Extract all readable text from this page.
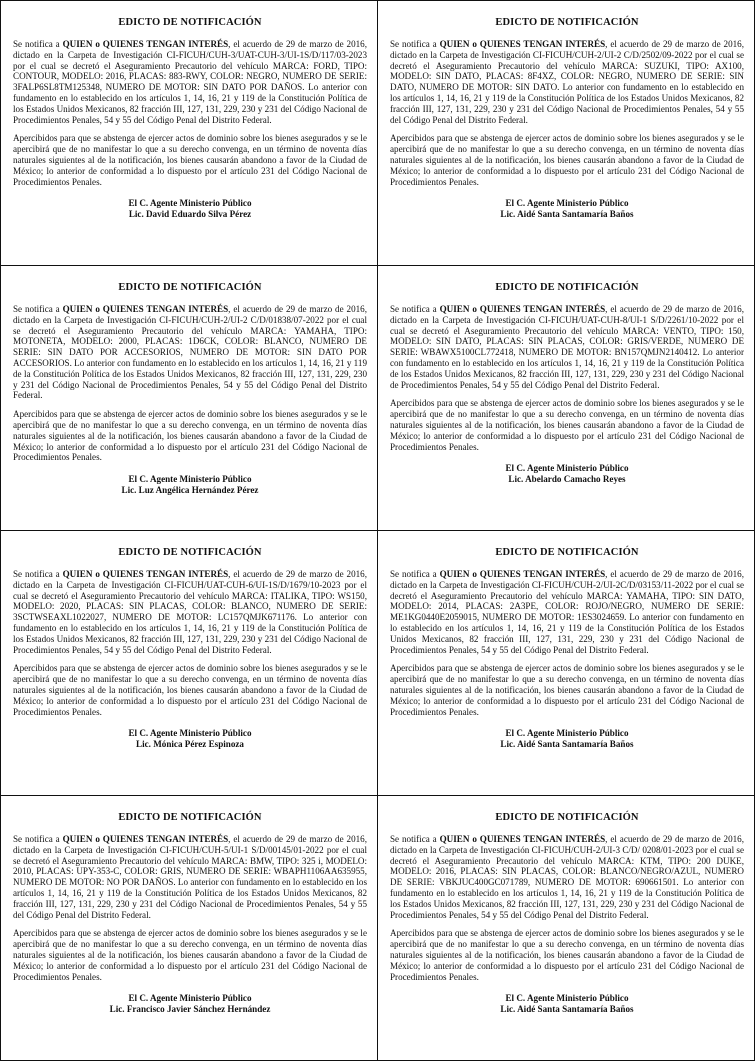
EDICTO DE NOTIFICACIÓN

Se notifica a QUIEN o QUIENES TENGAN INTERÉS, el acuerdo de 29 de marzo de 2016, dictado en la Carpeta de Investigación CI-FICUH/CUH-3/UAT-CUH-3/UI-1S/D/117/03-2023 por el cual se decretó el Aseguramiento Precautorio del vehículo MARCA: FORD, TIPO: CONTOUR, MODELO: 2016, PLACAS: 883-RWY, COLOR: NEGRO, NUMERO DE SERIE: 3FALP6SL8TM125348, NUMERO DE MOTOR: SIN DATO POR DAÑOS. Lo anterior con fundamento en lo establecido en los artículos 1, 14, 16, 21 y 119 de la Constitución Política de los Estados Unidos Mexicanos, 82 fracción III, 127, 131, 229, 230 y 231 del Código Nacional de Procedimientos Penales, 54 y 55 del Código Penal del Distrito Federal.

Apercibidos para que se abstenga de ejercer actos de dominio sobre los bienes asegurados y se le apercibirá que de no manifestar lo que a su derecho convenga, en un término de noventa días naturales siguientes al de la notificación, los bienes causarán abandono a favor de la Ciudad de México; lo anterior de conformidad a lo dispuesto por el artículo 231 del Código Nacional de Procedimientos Penales.

El C. Agente Ministerio Público
Lic. David Eduardo Silva Pérez
EDICTO DE NOTIFICACIÓN

Se notifica a QUIEN o QUIENES TENGAN INTERÉS, el acuerdo de 29 de marzo de 2016, dictado en la Carpeta de Investigación CI-FICUH/CUH-2/UI-2 C/D/2502/09-2022 por el cual se decretó el Aseguramiento Precautorio del vehículo MARCA: SUZUKI, TIPO: AX100, MODELO: SIN DATO, PLACAS: 8F4XZ, COLOR: NEGRO, NUMERO DE SERIE: SIN DATO, NUMERO DE MOTOR: SIN DATO. Lo anterior con fundamento en lo establecido en los artículos 1, 14, 16, 21 y 119 de la Constitución Política de los Estados Unidos Mexicanos, 82 fracción III, 127, 131, 229, 230 y 231 del Código Nacional de Procedimientos Penales, 54 y 55 del Código Penal del Distrito Federal.

Apercibidos para que se abstenga de ejercer actos de dominio sobre los bienes asegurados y se le apercibirá que de no manifestar lo que a su derecho convenga, en un término de noventa días naturales siguientes al de la notificación, los bienes causarán abandono a favor de la Ciudad de México; lo anterior de conformidad a lo dispuesto por el artículo 231 del Código Nacional de Procedimientos Penales.

El C. Agente Ministerio Público
Lic. Aidé Santa Santamaría Baños
EDICTO DE NOTIFICACIÓN

Se notifica a QUIEN o QUIENES TENGAN INTERÉS, el acuerdo de 29 de marzo de 2016, dictado en la Carpeta de Investigación CI-FICUH/CUH-2/UI-2 C/D/01838/07-2022 por el cual se decretó el Aseguramiento Precautorio del vehículo MARCA: YAMAHA, TIPO: MOTONETA, MODELO: 2000, PLACAS: 1D6CK, COLOR: BLANCO, NUMERO DE SERIE: SIN DATO POR ACCESORIOS, NUMERO DE MOTOR: SIN DATO POR ACCESORIOS. Lo anterior con fundamento en lo establecido en los artículos 1, 14, 16, 21 y 119 de la Constitución Política de los Estados Unidos Mexicanos, 82 fracción III, 127, 131, 229, 230 y 231 del Código Nacional de Procedimientos Penales, 54 y 55 del Código Penal del Distrito Federal.

Apercibidos para que se abstenga de ejercer actos de dominio sobre los bienes asegurados y se le apercibirá que de no manifestar lo que a su derecho convenga, en un término de noventa días naturales siguientes al de la notificación, los bienes causarán abandono a favor de la Ciudad de México; lo anterior de conformidad a lo dispuesto por el artículo 231 del Código Nacional de Procedimientos Penales.

El C. Agente Ministerio Público
Lic. Luz Angélica Hernández Pérez
EDICTO DE NOTIFICACIÓN

Se notifica a QUIEN o QUIENES TENGAN INTERÉS, el acuerdo de 29 de marzo de 2016, dictado en la Carpeta de Investigación CI-FICUH/UAT-CUH-8/UI-1 S/D/2261/10-2022 por el cual se decretó el Aseguramiento Precautorio del vehículo MARCA: VENTO, TIPO: 150, MODELO: SIN DATO, PLACAS: SIN PLACAS, COLOR: GRIS/VERDE, NUMERO DE SERIE: WBAWX5100CL772418, NUMERO DE MOTOR: BN157QMJN2140412. Lo anterior con fundamento en lo establecido en los artículos 1, 14, 16, 21 y 119 de la Constitución Política de los Estados Unidos Mexicanos, 82 fracción III, 127, 131, 229, 230 y 231 del Código Nacional de Procedimientos Penales, 54 y 55 del Código Penal del Distrito Federal.

Apercibidos para que se abstenga de ejercer actos de dominio sobre los bienes asegurados y se le apercibirá que de no manifestar lo que a su derecho convenga, en un término de noventa días naturales siguientes al de la notificación, los bienes causarán abandono a favor de la Ciudad de México; lo anterior de conformidad a lo dispuesto por el artículo 231 del Código Nacional de Procedimientos Penales.

El C. Agente Ministerio Público
Lic. Abelardo Camacho Reyes
EDICTO DE NOTIFICACIÓN

Se notifica a QUIEN o QUIENES TENGAN INTERÉS, el acuerdo de 29 de marzo de 2016, dictado en la Carpeta de Investigación CI-FICUH/UAT-CUH-6/UI-1S/D/1679/10-2023 por el cual se decretó el Aseguramiento Precautorio del vehículo MARCA: ITALIKA, TIPO: WS150, MODELO: 2020, PLACAS: SIN PLACAS, COLOR: BLANCO, NUMERO DE SERIE: 3SCTWSEAXL1022027, NUMERO DE MOTOR: LC157QMJK671176. Lo anterior con fundamento en lo establecido en los artículos 1, 14, 16, 21 y 119 de la Constitución Política de los Estados Unidos Mexicanos, 82 fracción III, 127, 131, 229, 230 y 231 del Código Nacional de Procedimientos Penales, 54 y 55 del Código Penal del Distrito Federal.

Apercibidos para que se abstenga de ejercer actos de dominio sobre los bienes asegurados y se le apercibirá que de no manifestar lo que a su derecho convenga, en un término de noventa días naturales siguientes al de la notificación, los bienes causarán abandono a favor de la Ciudad de México; lo anterior de conformidad a lo dispuesto por el artículo 231 del Código Nacional de Procedimientos Penales.

El C. Agente Ministerio Público
Lic. Mónica Pérez Espinoza
EDICTO DE NOTIFICACIÓN

Se notifica a QUIEN o QUIENES TENGAN INTERÉS, el acuerdo de 29 de marzo de 2016, dictado en la Carpeta de Investigación CI-FICUH/CUH-2/UI-2C/D/03153/11-2022 por el cual se decretó el Aseguramiento Precautorio del vehículo MARCA: YAMAHA, TIPO: SIN DATO, MODELO: 2014, PLACAS: 2A3PE, COLOR: ROJO/NEGRO, NUMERO DE SERIE: ME1KG0440E2059015, NUMERO DE MOTOR: 1ES3024659. Lo anterior con fundamento en lo establecido en los artículos 1, 14, 16, 21 y 119 de la Constitución Política de los Estados Unidos Mexicanos, 82 fracción III, 127, 131, 229, 230 y 231 del Código Nacional de Procedimientos Penales, 54 y 55 del Código Penal del Distrito Federal.

Apercibidos para que se abstenga de ejercer actos de dominio sobre los bienes asegurados y se le apercibirá que de no manifestar lo que a su derecho convenga, en un término de noventa días naturales siguientes al de la notificación, los bienes causarán abandono a favor de la Ciudad de México; lo anterior de conformidad a lo dispuesto por el artículo 231 del Código Nacional de Procedimientos Penales.

El C. Agente Ministerio Público
Lic. Aidé Santa Santamaría Baños
EDICTO DE NOTIFICACIÓN

Se notifica a QUIEN o QUIENES TENGAN INTERÉS, el acuerdo de 29 de marzo de 2016, dictado en la Carpeta de Investigación CI-FICUH/CUH-5/UI-1 S/D/00145/01-2022 por el cual se decretó el Aseguramiento Precautorio del vehículo MARCA: BMW, TIPO: 325 i, MODELO: 2010, PLACAS: UPY-353-C, COLOR: GRIS, NUMERO DE SERIE: WBAPH1106AA635955, NUMERO DE MOTOR: NO POR DAÑOS. Lo anterior con fundamento en lo establecido en los artículos 1, 14, 16, 21 y 119 de la Constitución Política de los Estados Unidos Mexicanos, 82 fracción III, 127, 131, 229, 230 y 231 del Código Nacional de Procedimientos Penales, 54 y 55 del Código Penal del Distrito Federal.

Apercibidos para que se abstenga de ejercer actos de dominio sobre los bienes asegurados y se le apercibirá que de no manifestar lo que a su derecho convenga, en un término de noventa días naturales siguientes al de la notificación, los bienes causarán abandono a favor de la Ciudad de México; lo anterior de conformidad a lo dispuesto por el artículo 231 del Código Nacional de Procedimientos Penales.

El C. Agente Ministerio Público
Lic. Francisco Javier Sánchez Hernández
EDICTO DE NOTIFICACIÓN

Se notifica a QUIEN o QUIENES TENGAN INTERÉS, el acuerdo de 29 de marzo de 2016, dictado en la Carpeta de Investigación CI-FICUH/CUH-2/UI-3 C/D/ 0208/01-2023 por el cual se decretó el Aseguramiento Precautorio del vehículo MARCA: KTM, TIPO: 200 DUKE, MODELO: 2016, PLACAS: SIN PLACAS, COLOR: BLANCO/NEGRO/AZUL, NUMERO DE SERIE: VBKJUC400GC071789, NUMERO DE MOTOR: 690661501. Lo anterior con fundamento en lo establecido en los artículos 1, 14, 16, 21 y 119 de la Constitución Política de los Estados Unidos Mexicanos, 82 fracción III, 127, 131, 229, 230 y 231 del Código Nacional de Procedimientos Penales, 54 y 55 del Código Penal del Distrito Federal.

Apercibidos para que se abstenga de ejercer actos de dominio sobre los bienes asegurados y se le apercibirá que de no manifestar lo que a su derecho convenga, en un término de noventa días naturales siguientes al de la notificación, los bienes causarán abandono a favor de la Ciudad de México; lo anterior de conformidad a lo dispuesto por el artículo 231 del Código Nacional de Procedimientos Penales.

El C. Agente Ministerio Público
Lic. Aidé Santa Santamaría Baños
